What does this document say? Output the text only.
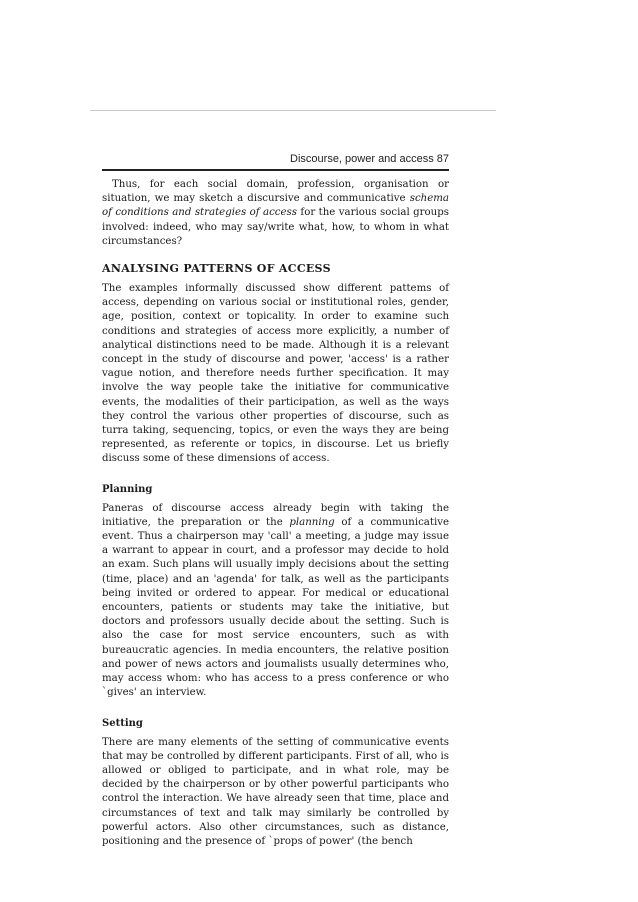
Discourse, power and access 87

Thus, for each social domain, profession, organisation or situation, we may sketch a discursive and communicative schema of conditions and strategies of access for the various social groups involved: indeed, who may say/write what, how, to whom in what circumstances?

ANALYSING PATTERNS OF ACCESS

The examples informally discussed show different pattems of access, depending on various social or institutional roles, gender, age, position, context or topicality. In order to examine such conditions and strategies of access more explicitly, a number of analytical distinctions need to be made. Although it is a relevant concept in the study of discourse and power, 'access' is a rather vague notion, and therefore needs further specification. It may involve the way people take the initiative for communicative events, the modalities of their participation, as well as the ways they control the various other properties of discourse, such as turra taking, sequencing, topics, or even the ways they are being represented, as referente or topics, in discourse. Let us briefly discuss some of these dimensions of access.

Planning

Paneras of discourse access already begin with taking the initiative, the preparation or the planning of a communicative event. Thus a chairperson may 'call' a meeting, a judge may issue a warrant to appear in court, and a professor may decide to hold an exam. Such plans will usually imply decisions about the setting (time, place) and an 'agenda' for talk, as well as the participants being invited or ordered to appear. For medical or educational encounters, patients or students may take the initiative, but doctors and professors usually decide about the setting. Such is also the case for most service encounters, such as with bureaucratic agencies. In media encounters, the relative position and power of news actors and joumalists usually determines who, may access whom: who has access to a press conference or who `gives' an interview.

Setting

There are many elements of the setting of communicative events that may be controlled by different participants. First of all, who is allowed or obliged to participate, and in what role, may be decided by the chairperson or by other powerful participants who control the interaction. We have already seen that time, place and circumstances of text and talk may similarly be controlled by powerful actors. Also other circumstances, such as distance, positioning and the presence of `props of power' (the bench
